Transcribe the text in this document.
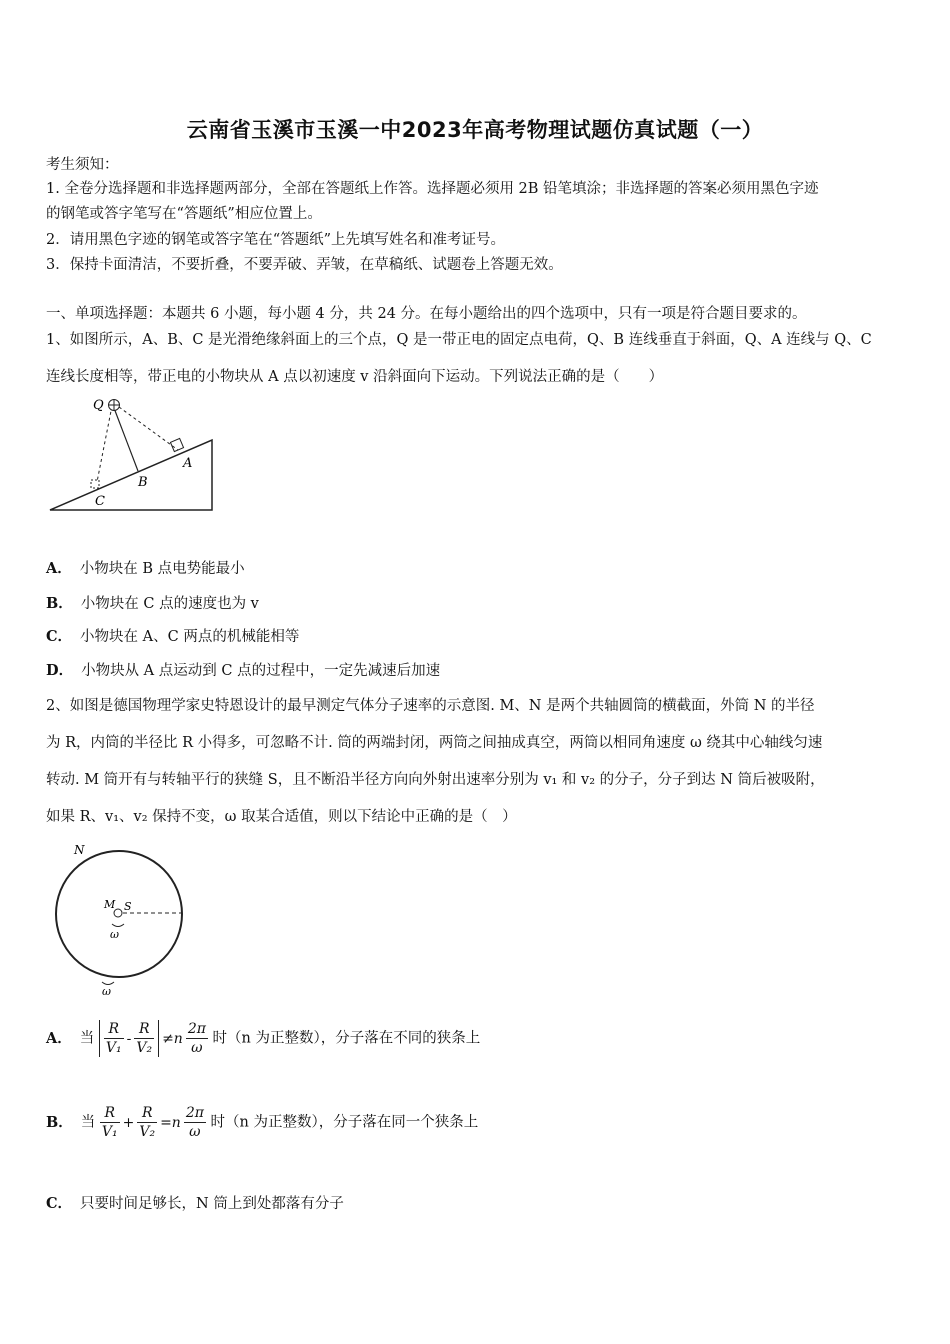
云南省玉溪市玉溪一中2023年高考物理试题仿真试题（一）
考生须知：
1. 全卷分选择题和非选择题两部分，全部在答题纸上作答。选择题必须用 2B 铅笔填涂；非选择题的答案必须用黑色字迹
的钢笔或答字笔写在“答题纸”相应位置上。
2．请用黑色字迹的钢笔或答字笔在“答题纸”上先填写姓名和准考证号。
3．保持卡面清洁，不要折叠，不要弄破、弄皱，在草稿纸、试题卷上答题无效。
一、单项选择题：本题共 6 小题，每小题 4 分，共 24 分。在每小题给出的四个选项中，只有一项是符合题目要求的。
1、如图所示，A、B、C 是光滑绝缘斜面上的三个点，Q 是一带正电的固定点电荷，Q、B 连线垂直于斜面，Q、A 连线与 Q、C
连线长度相等，带正电的小物块从 A 点以初速度 v 沿斜面向下运动。下列说法正确的是（　　）
Q
A
B
C
A． 小物块在 B 点电势能最小
B． 小物块在 C 点的速度也为 v
C． 小物块在 A、C 两点的机械能相等
D． 小物块从 A 点运动到 C 点的过程中，一定先减速后加速
2、如图是德国物理学家史特恩设计的最早测定气体分子速率的示意图. M、N 是两个共轴圆筒的横截面，外筒 N 的半径
为 R，内筒的半径比 R 小得多，可忽略不计. 筒的两端封闭，两筒之间抽成真空，两筒以相同角速度 ω 绕其中心轴线匀速
转动. M 筒开有与转轴平行的狭缝 S，且不断沿半径方向向外射出速率分别为 v₁ 和 v₂ 的分子，分子到达 N 筒后被吸附，
如果 R、v₁、v₂ 保持不变，ω 取某合适值，则以下结论中正确的是（　）
N
M S
ω
ω
A． 当 $\frac{R}{\text{V₁}} - \frac{R}{\text{V₂}} \ne n \frac{2\pi}{\omega}$ 时（n 为正整数），分子落在不同的狭条上
B． 当 $\frac{R}{\text{V₁}} + \frac{R}{\text{V₂}} =n \frac{2\pi}{\omega}$ 时（n 为正整数），分子落在同一个狭条上
C． 只要时间足够长，N 筒上到处都落有分子
